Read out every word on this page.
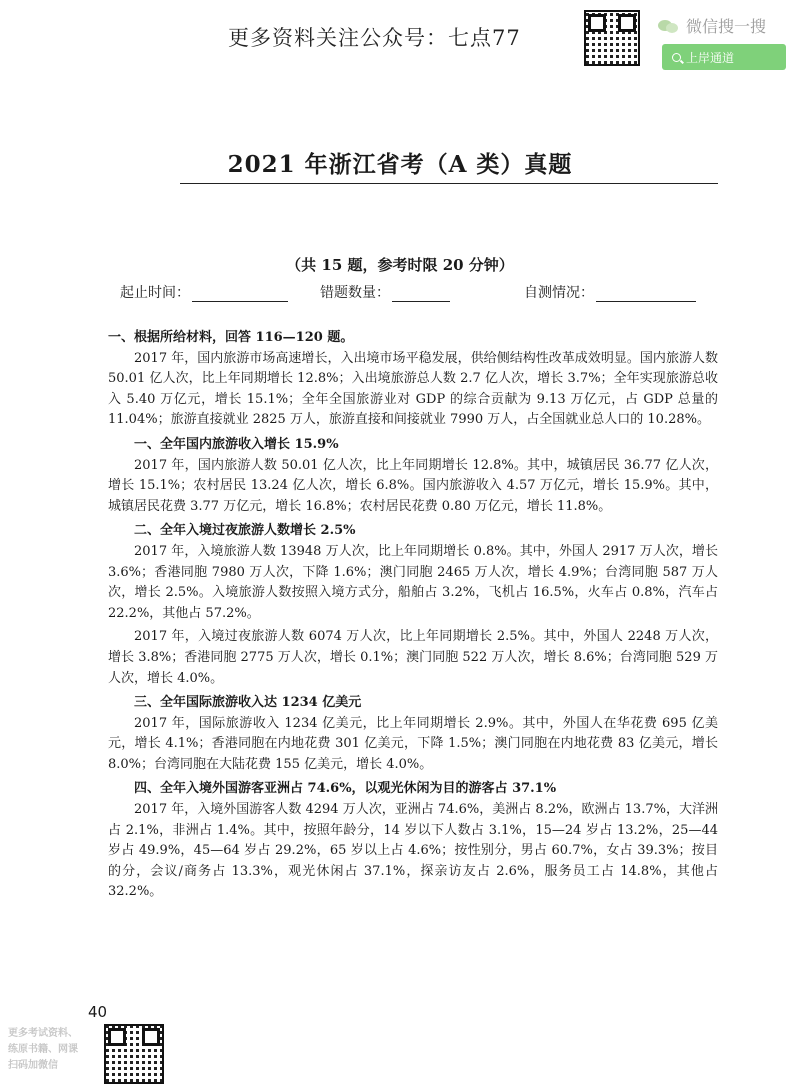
更多资料关注公众号：七点77	微信搜一搜
上岸通道
2021 年浙江省考（A 类）真题
（共 15 题，参考时限 20 分钟）
起止时间：	错题数量：	自测情况：

一、根据所给材料，回答 116—120 题。

2017 年，国内旅游市场高速增长，入出境市场平稳发展，供给侧结构性改革成效明显。国内旅游人数 50.01 亿人次，比上年同期增长 12.8%；入出境旅游总人数 2.7 亿人次，增长 3.7%；全年实现旅游总收入 5.40 万亿元，增长 15.1%；全年全国旅游业对 GDP 的综合贡献为 9.13 万亿元，占 GDP 总量的 11.04%；旅游直接就业 2825 万人，旅游直接和间接就业 7990 万人，占全国就业总人口的 10.28%。

一、全年国内旅游收入增长 15.9%

2017 年，国内旅游人数 50.01 亿人次，比上年同期增长 12.8%。其中，城镇居民 36.77 亿人次，增长 15.1%；农村居民 13.24 亿人次，增长 6.8%。国内旅游收入 4.57 万亿元，增长 15.9%。其中，城镇居民花费 3.77 万亿元，增长 16.8%；农村居民花费 0.80 万亿元，增长 11.8%。

二、全年入境过夜旅游人数增长 2.5%

2017 年，入境旅游人数 13948 万人次，比上年同期增长 0.8%。其中，外国人 2917 万人次，增长 3.6%；香港同胞 7980 万人次，下降 1.6%；澳门同胞 2465 万人次，增长 4.9%；台湾同胞 587 万人次，增长 2.5%。入境旅游人数按照入境方式分，船舶占 3.2%，飞机占 16.5%，火车占 0.8%，汽车占 22.2%，其他占 57.2%。

2017 年，入境过夜旅游人数 6074 万人次，比上年同期增长 2.5%。其中，外国人 2248 万人次，增长 3.8%；香港同胞 2775 万人次，增长 0.1%；澳门同胞 522 万人次，增长 8.6%；台湾同胞 529 万人次，增长 4.0%。

三、全年国际旅游收入达 1234 亿美元

2017 年，国际旅游收入 1234 亿美元，比上年同期增长 2.9%。其中，外国人在华花费 695 亿美元，增长 4.1%；香港同胞在内地花费 301 亿美元，下降 1.5%；澳门同胞在内地花费 83 亿美元，增长 8.0%；台湾同胞在大陆花费 155 亿美元，增长 4.0%。

四、全年入境外国游客亚洲占 74.6%，以观光休闲为目的游客占 37.1%

2017 年，入境外国游客人数 4294 万人次，亚洲占 74.6%，美洲占 8.2%，欧洲占 13.7%，大洋洲占 2.1%，非洲占 1.4%。其中，按照年龄分，14 岁以下人数占 3.1%，15—24 岁占 13.2%，25—44 岁占 49.9%，45—64 岁占 29.2%，65 岁以上占 4.6%；按性别分，男占 60.7%，女占 39.3%；按目的分，会议/商务占 13.3%，观光休闲占 37.1%，探亲访友占 2.6%，服务员工占 14.8%，其他占 32.2%。

40
更多考试资料、
练原书籍、网课
扫码加微信
